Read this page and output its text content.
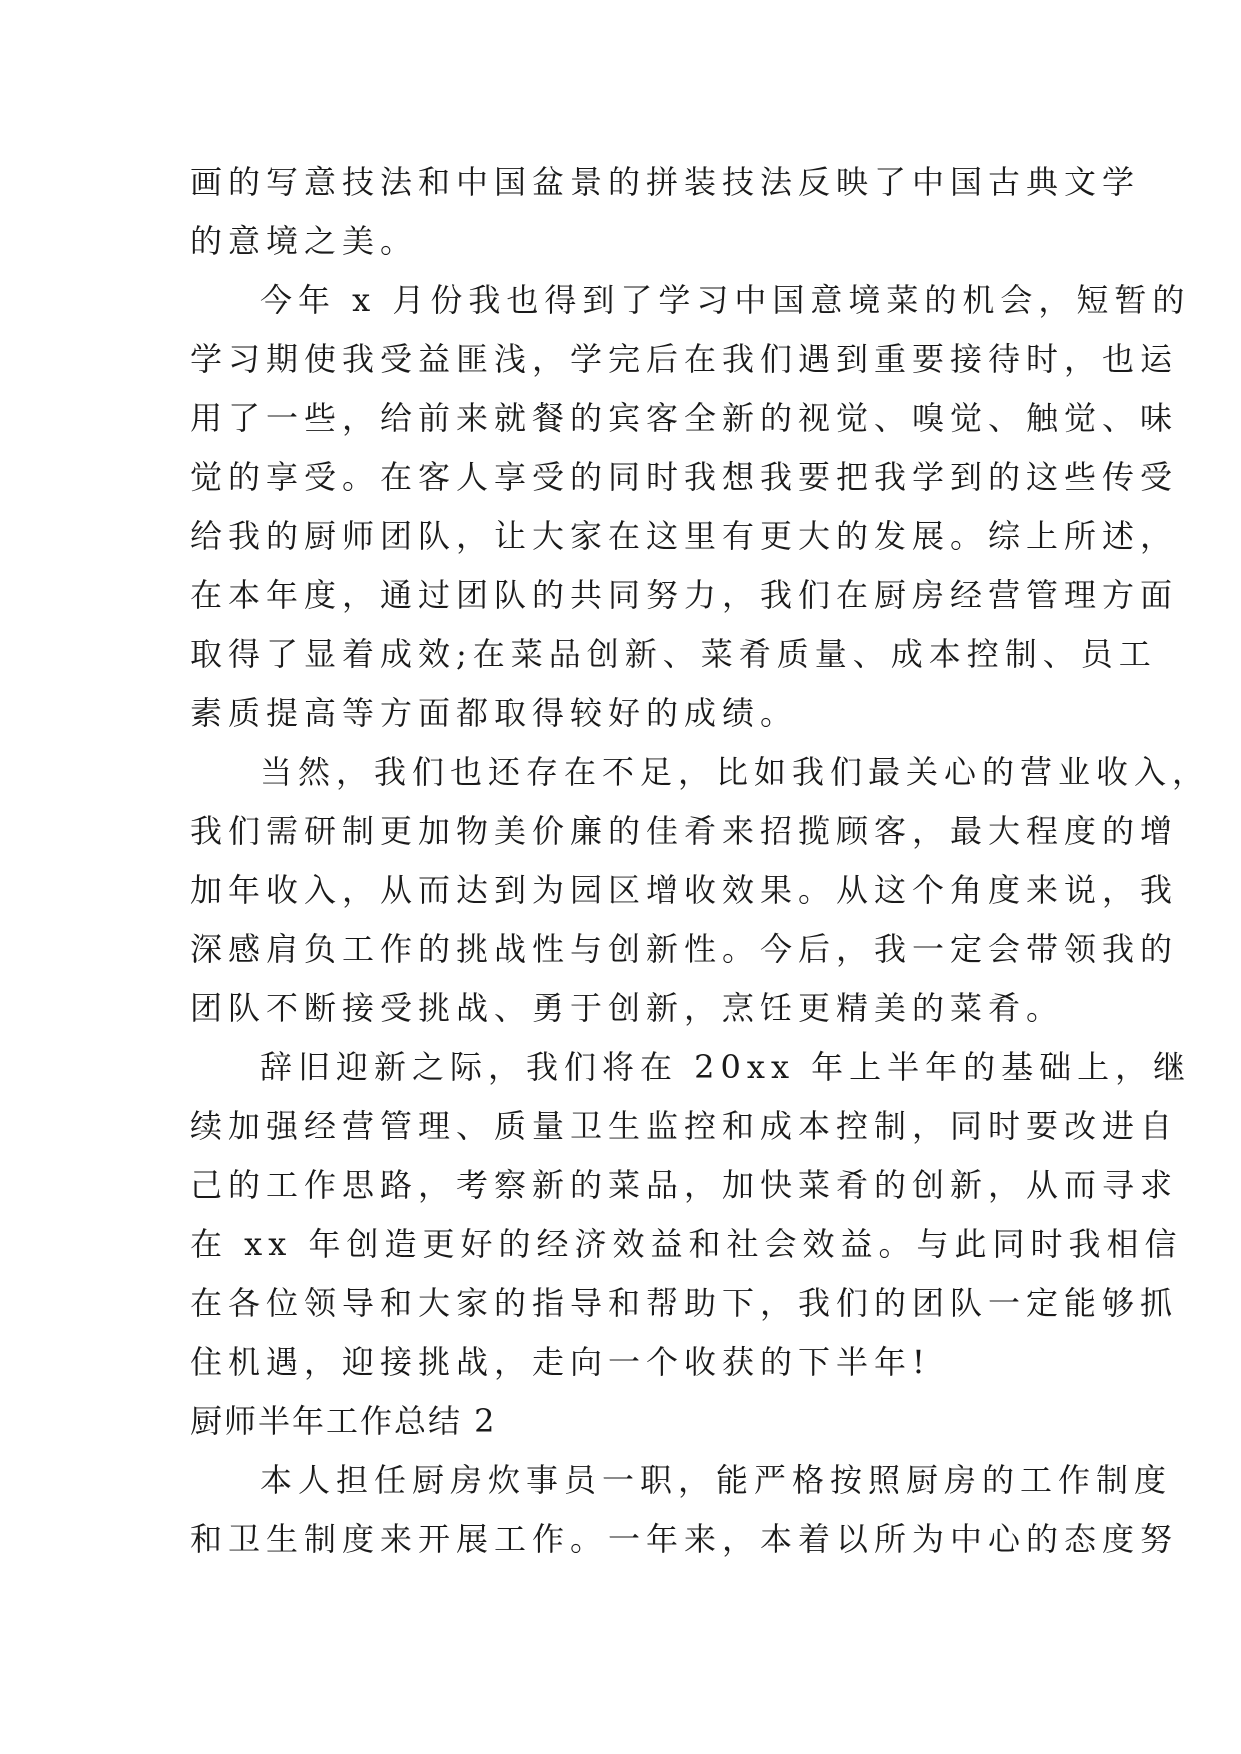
画的写意技法和中国盆景的拼装技法反映了中国古典文学
的意境之美。
今年 x 月份我也得到了学习中国意境菜的机会，短暂的
学习期使我受益匪浅，学完后在我们遇到重要接待时，也运
用了一些，给前来就餐的宾客全新的视觉、嗅觉、触觉、味
觉的享受。在客人享受的同时我想我要把我学到的这些传受
给我的厨师团队，让大家在这里有更大的发展。综上所述，
在本年度，通过团队的共同努力，我们在厨房经营管理方面
取得了显着成效;在菜品创新、菜肴质量、成本控制、员工
素质提高等方面都取得较好的成绩。
当然，我们也还存在不足，比如我们最关心的营业收入，
我们需研制更加物美价廉的佳肴来招揽顾客，最大程度的增
加年收入，从而达到为园区增收效果。从这个角度来说，我
深感肩负工作的挑战性与创新性。今后，我一定会带领我的
团队不断接受挑战、勇于创新，烹饪更精美的菜肴。
辞旧迎新之际，我们将在 20xx 年上半年的基础上，继
续加强经营管理、质量卫生监控和成本控制，同时要改进自
己的工作思路，考察新的菜品，加快菜肴的创新，从而寻求
在 xx 年创造更好的经济效益和社会效益。与此同时我相信
在各位领导和大家的指导和帮助下，我们的团队一定能够抓
住机遇，迎接挑战，走向一个收获的下半年!
厨师半年工作总结 2
本人担任厨房炊事员一职，能严格按照厨房的工作制度
和卫生制度来开展工作。一年来，本着以所为中心的态度努
